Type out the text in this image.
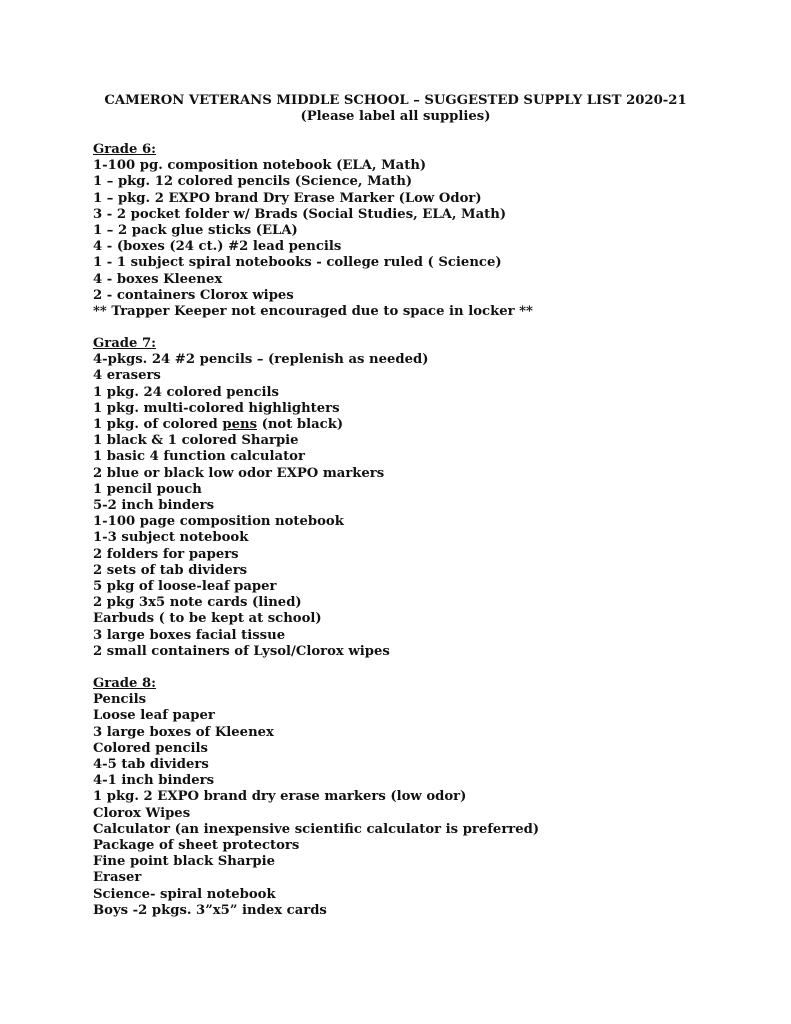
CAMERON VETERANS MIDDLE SCHOOL – SUGGESTED SUPPLY LIST 2020-21
(Please label all supplies)
Grade 6:
1-100 pg. composition notebook (ELA, Math)
1 – pkg. 12 colored pencils (Science, Math)
1 – pkg. 2 EXPO brand Dry Erase Marker (Low Odor)
3 - 2 pocket folder w/ Brads (Social Studies, ELA, Math)
1 – 2 pack glue sticks (ELA)
4 - (boxes (24 ct.) #2 lead pencils
1 - 1 subject spiral notebooks - college ruled ( Science)
4 - boxes Kleenex
2 - containers Clorox wipes
** Trapper Keeper not encouraged due to space in locker **
Grade 7:
4-pkgs. 24 #2 pencils – (replenish as needed)
4 erasers
1 pkg. 24 colored pencils
1 pkg. multi-colored highlighters
1 pkg. of colored pens (not black)
1 black & 1 colored Sharpie
1 basic 4 function calculator
2 blue or black low odor EXPO markers
1 pencil pouch
5-2 inch binders
1-100 page composition notebook
1-3 subject notebook
2 folders for papers
2 sets of tab dividers
5 pkg of loose-leaf paper
2 pkg 3x5 note cards (lined)
Earbuds ( to be kept at school)
3 large boxes facial tissue
2 small containers of Lysol/Clorox wipes
Grade 8:
Pencils
Loose leaf paper
3 large boxes of Kleenex
Colored pencils
4-5 tab dividers
4-1 inch binders
1 pkg. 2 EXPO brand dry erase markers (low odor)
Clorox Wipes
Calculator (an inexpensive scientific calculator is preferred)
Package of sheet protectors
Fine point black Sharpie
Eraser
Science- spiral notebook
Boys -2 pkgs. 3”x5” index cards
